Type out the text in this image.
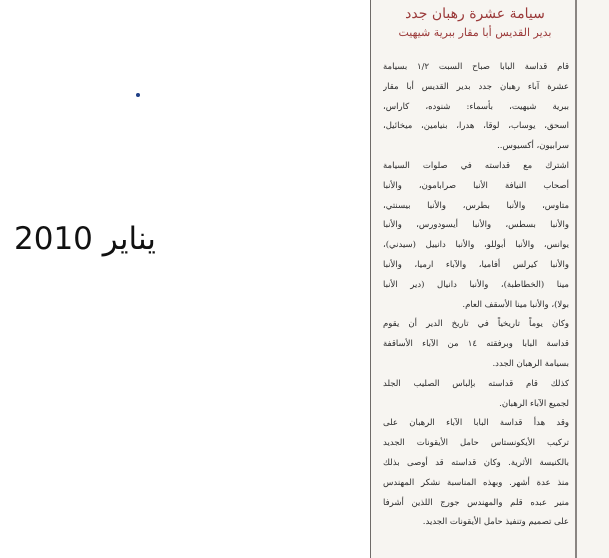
يناير 2010
سيامة عشرة رهبان جدد
بدير القديس أبا مقار ببرية شيهيت
قام قداسة البابا صباح السبت ١/٢ بسيامة
عشرة آباء رهبان جدد بدير القديس أبا مقار
ببرية شيهيت، بأسماء: شنوده، كاراس،
اسحق، يوساب، لوقا، هدرا، بنيامين، ميخائيل،
سرابيون، أكسيوس..
اشترك مع قداسته في صلوات السيامة
أصحاب النيافة الأنبا صرابامون، والأنبا
متاوس، والأنبا بطرس، والأنبا بيسنتي،
والأنبا بسطس، والأنبا أيسودورس، والأنبا
يوانس، والأنبا أبوللو، والأنبا دانييل (سيدني)،
والأنبا كيرلس أفاميا، والآباء ارميا، والأنبا
مينا (الخطاطبة)، والأنبا دانيال (دير الأنبا
بولا)، والأنبا مينا الأسقف العام.
وكان يوماً تاريخياً في تاريخ الدير أن يقوم
قداسة البابا وبرفقته ١٤ من الآباء الأساقفة
بسيامة الرهبان الجدد.
كذلك قام قداسته بإلباس الصليب الجلد
لجميع الآباء الرهبان.
وقد هدأ قداسة البابا الآباء الرهبان على
تركيب الأيكونستاس حامل الأيقونات الجديد
بالكنيسة الأثرية. وكان قداسته قد أوصى بذلك
منذ عدة أشهر. وبهذه المناسبة نشكر المهندس
منير عبده قلم والمهندس جورج اللذين أشرفا
على تصميم وتنفيذ حامل الأيقونات الجديد.
